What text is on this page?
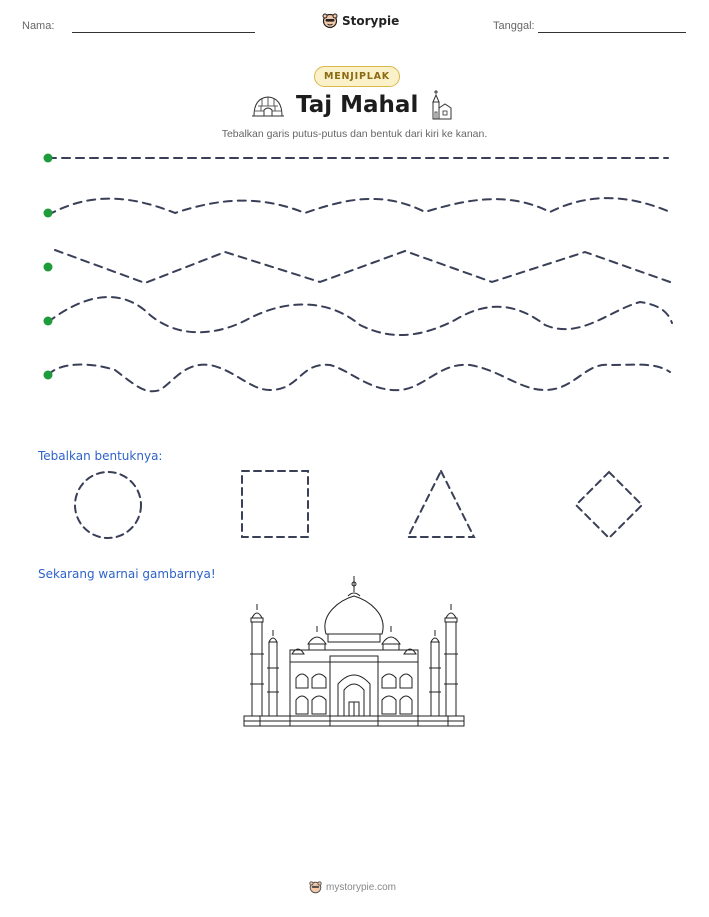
Nama:	Storypie	Tanggal:
MENJIPLAK
Taj Mahal
Tebalkan garis putus-putus dan bentuk dari kiri ke kanan.
Tebalkan bentuknya:
Sekarang warnai gambarnya!
mystorypie.com
